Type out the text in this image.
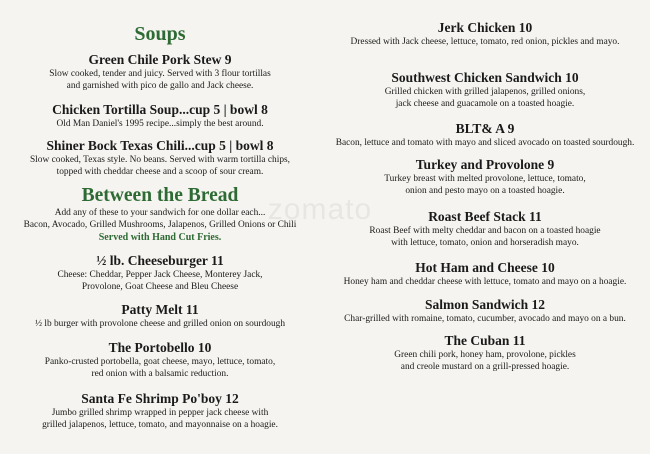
zomato
Soups
Green Chile Pork Stew 9
Slow cooked, tender and juicy. Served with 3 flour tortillas
and garnished with pico de gallo and Jack cheese.
Chicken Tortilla Soup...cup 5 | bowl 8
Old Man Daniel's 1995 recipe...simply the best around.
Shiner Bock Texas Chili...cup 5 | bowl 8
Slow cooked, Texas style. No beans. Served with warm tortilla chips,
topped with cheddar cheese and a scoop of sour cream.
Between the Bread
Add any of these to your sandwich for one dollar each...
Bacon, Avocado, Grilled Mushrooms, Jalapenos, Grilled Onions or Chili
Served with Hand Cut Fries.
½ lb. Cheeseburger 11
Cheese: Cheddar, Pepper Jack Cheese, Monterey Jack,
Provolone, Goat Cheese and Bleu Cheese
Patty Melt 11
½ lb burger with provolone cheese and grilled onion on sourdough
The Portobello 10
Panko-crusted portobella, goat cheese, mayo, lettuce, tomato,
red onion with a balsamic reduction.
Santa Fe Shrimp Po'boy 12
Jumbo grilled shrimp wrapped in pepper jack cheese with
grilled jalapenos, lettuce, tomato, and mayonnaise on a hoagie.
Jerk Chicken 10
Dressed with Jack cheese, lettuce, tomato, red onion, pickles and mayo.
Southwest Chicken Sandwich 10
Grilled chicken with grilled jalapenos, grilled onions,
jack cheese and guacamole on a toasted hoagie.
BLT& A 9
Bacon, lettuce and tomato with mayo and sliced avocado on toasted sourdough.
Turkey and Provolone 9
Turkey breast with melted provolone, lettuce, tomato,
onion and pesto mayo on a toasted hoagie.
Roast Beef Stack 11
Roast Beef with melty cheddar and bacon on a toasted hoagie
with lettuce, tomato, onion and horseradish mayo.
Hot Ham and Cheese 10
Honey ham and cheddar cheese with lettuce, tomato and mayo on a hoagie.
Salmon Sandwich 12
Char-grilled with romaine, tomato, cucumber, avocado and mayo on a bun.
The Cuban 11
Green chili pork, honey ham, provolone, pickles
and creole mustard on a grill-pressed hoagie.
